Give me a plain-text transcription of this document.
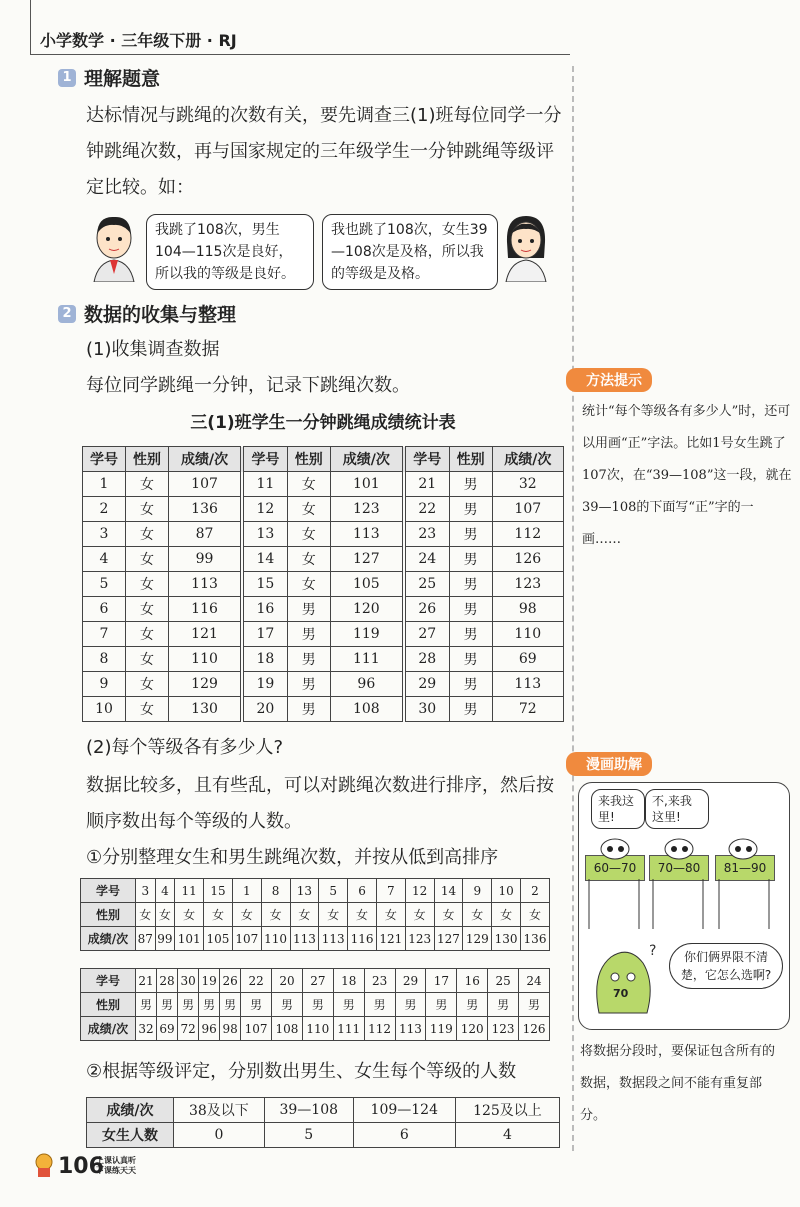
小学数学 · 三年级下册 · RJ
1 理解题意
达标情况与跳绳的次数有关，要先调查三(1)班每位同学一分钟跳绳次数，再与国家规定的三年级学生一分钟跳绳等级评定比较。如：
我跳了108次，男生104—115次是良好，所以我的等级是良好。
我也跳了108次，女生39—108次是及格，所以我的等级是及格。
2 数据的收集与整理
(1)收集调查数据
每位同学跳绳一分钟，记录下跳绳次数。
三(1)班学生一分钟跳绳成绩统计表
学号	性别	成绩/次	学号	性别	成绩/次	学号	性别	成绩/次
1	女	107	11	女	101	21	男	32
2	女	136	12	女	123	22	男	107
3	女	87	13	女	113	23	男	112
4	女	99	14	女	127	24	男	126
5	女	113	15	女	105	25	男	123
6	女	116	16	男	120	26	男	98
7	女	121	17	男	119	27	男	110
8	女	110	18	男	111	28	男	69
9	女	129	19	男	96	29	男	113
10	女	130	20	男	108	30	男	72
(2)每个等级各有多少人?
数据比较多，且有些乱，可以对跳绳次数进行排序，然后按顺序数出每个等级的人数。
①分别整理女生和男生跳绳次数，并按从低到高排序
学号	3	4	11	15	1	8	13	5	6	7	12	14	9	10	2
性别	女	女	女	女	女	女	女	女	女	女	女	女	女	女	女
成绩/次	87	99	101	105	107	110	113	113	116	121	123	127	129	130	136
学号	21	28	30	19	26	22	20	27	18	23	29	17	16	25	24
性别	男	男	男	男	男	男	男	男	男	男	男	男	男	男	男
成绩/次	32	69	72	96	98	107	108	110	111	112	113	119	120	123	126
②根据等级评定，分别数出男生、女生每个等级的人数
成绩/次	38及以下	39—108	109—124	125及以上
女生人数	0	5	6	4
方法提示
统计“每个等级各有多少人”时，还可以用画“正”字法。比如1号女生跳了107次，在“39—108”这一段，就在39—108的下面写“正”字的一画……
漫画助解
来我这里!
不,来我这里!
60—70	70—80	81—90
?
70
你们俩界限不清楚，它怎么选啊?
将数据分段时，要保证包含所有的数据，数据段之间不能有重复部分。
106
上课认真听
下课练天天
